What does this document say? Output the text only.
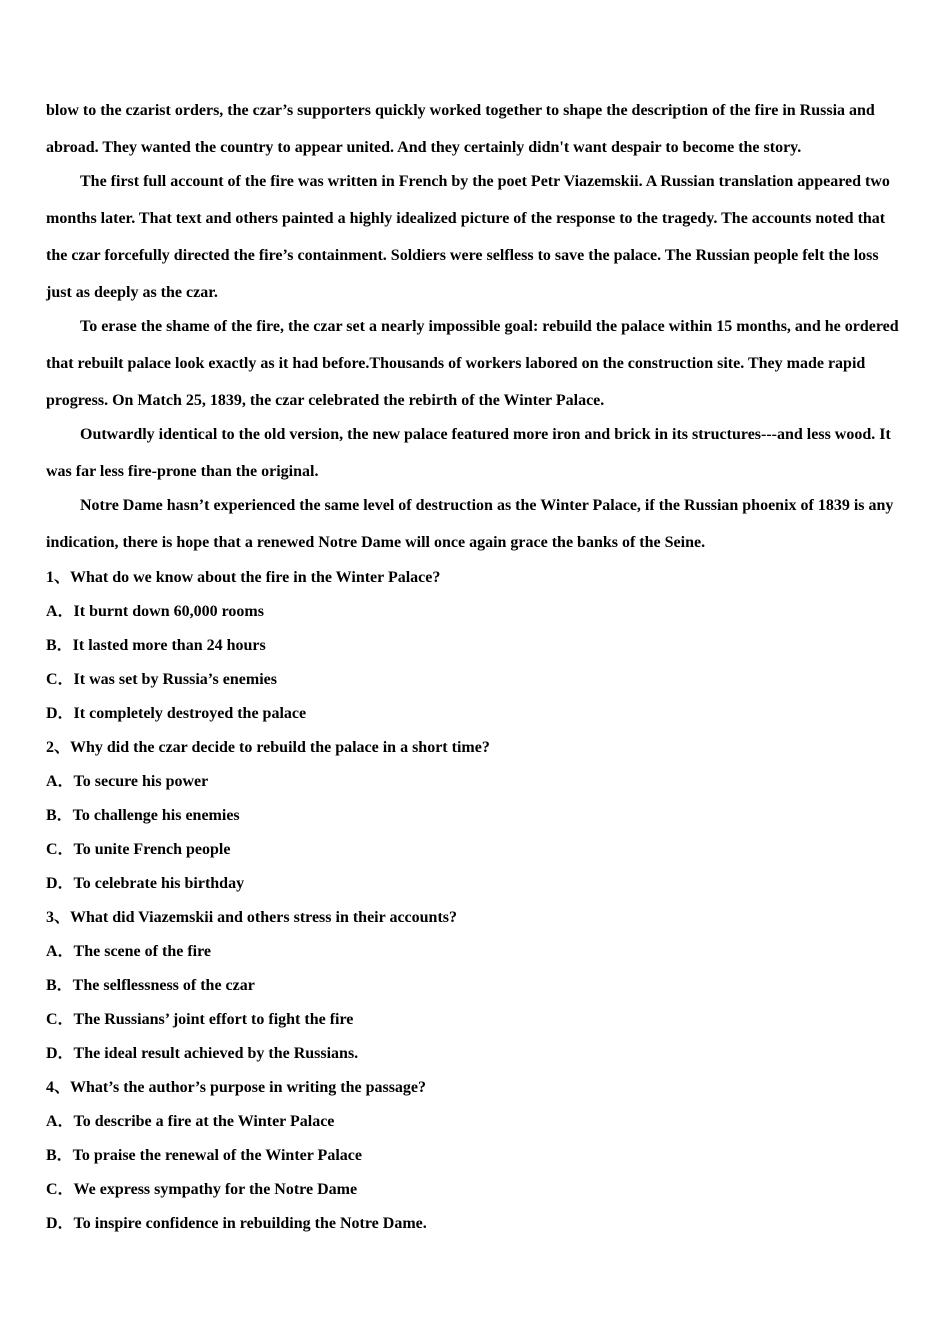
blow to the czarist orders, the czar’s supporters quickly worked together to shape the description of the fire in Russia and abroad. They wanted the country to appear united. And they certainly didn't want despair to become the story.

The first full account of the fire was written in French by the poet Petr Viazemskii. A Russian translation appeared two months later. That text and others painted a highly idealized picture of the response to the tragedy. The accounts noted that the czar forcefully directed the fire’s containment. Soldiers were selfless to save the palace. The Russian people felt the loss just as deeply as the czar.

To erase the shame of the fire, the czar set a nearly impossible goal: rebuild the palace within 15 months, and he ordered that rebuilt palace look exactly as it had before.Thousands of workers labored on the construction site. They made rapid progress. On Match 25, 1839, the czar celebrated the rebirth of the Winter Palace.

Outwardly identical to the old version, the new palace featured more iron and brick in its structures---and less wood. It was far less fire-prone than the original.

Notre Dame hasn’t experienced the same level of destruction as the Winter Palace, if the Russian phoenix of 1839 is any indication, there is hope that a renewed Notre Dame will once again grace the banks of the Seine.

1、What do we know about the fire in the Winter Palace?
A．It burnt down 60,000 rooms
B．It lasted more than 24 hours
C．It was set by Russia’s enemies
D．It completely destroyed the palace
2、Why did the czar decide to rebuild the palace in a short time?
A．To secure his power
B．To challenge his enemies
C．To unite French people
D．To celebrate his birthday
3、What did Viazemskii and others stress in their accounts?
A．The scene of the fire
B．The selflessness of the czar
C．The Russians’ joint effort to fight the fire
D．The ideal result achieved by the Russians.
4、What’s the author’s purpose in writing the passage?
A．To describe a fire at the Winter Palace
B．To praise the renewal of the Winter Palace
C．We express sympathy for the Notre Dame
D．To inspire confidence in rebuilding the Notre Dame.
